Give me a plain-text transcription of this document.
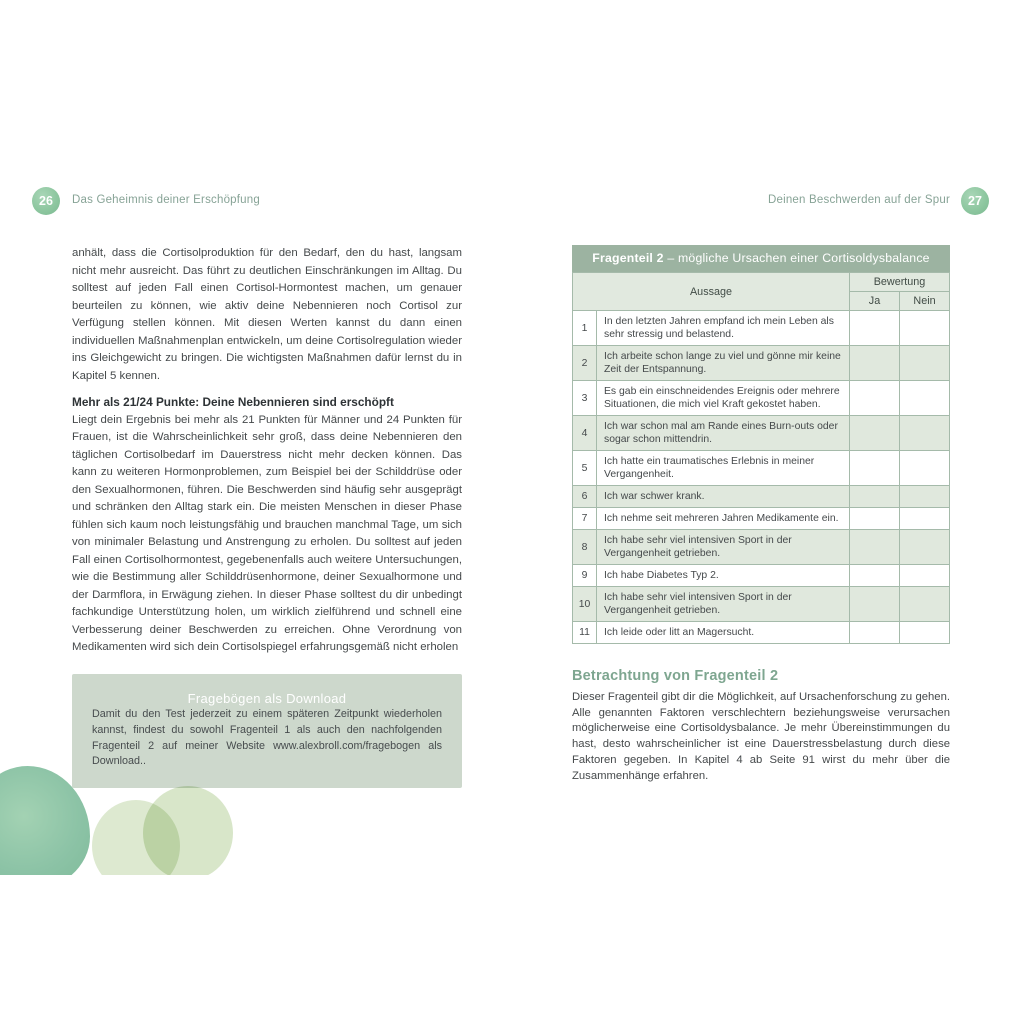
26	Das Geheimnis deiner Erschöpfung	27
Deinen Beschwerden auf der Spur

anhält, dass die Cortisolproduktion für den Bedarf, den du hast, langsam nicht mehr ausreicht. Das führt zu deutlichen Einschränkungen im Alltag. Du solltest auf jeden Fall einen Cortisol-Hormontest machen, um genauer beurteilen zu können, wie aktiv deine Nebennieren noch Cortisol zur Verfügung stellen können. Mit diesen Werten kannst du dann einen individuellen Maßnahmenplan entwickeln, um deine Cortisolregulation wieder ins Gleichgewicht zu bringen. Die wichtigsten Maßnahmen dafür lernst du in Kapitel 5 kennen.

Mehr als 21/24 Punkte: Deine Nebennieren sind erschöpft

Liegt dein Ergebnis bei mehr als 21 Punkten für Männer und 24 Punkten für Frauen, ist die Wahrscheinlichkeit sehr groß, dass deine Nebennieren den täglichen Cortisolbedarf im Dauerstress nicht mehr decken können. Das kann zu weiteren Hormonproblemen, zum Beispiel bei der Schilddrüse oder den Sexualhormonen, führen. Die Beschwerden sind häufig sehr ausgeprägt und schränken den Alltag stark ein. Die meisten Menschen in dieser Phase fühlen sich kaum noch leistungsfähig und brauchen manchmal Tage, um sich von minimaler Belastung und Anstrengung zu erholen. Du solltest auf jeden Fall einen Cortisolhormontest, gegebenenfalls auch weitere Untersuchungen, wie die Bestimmung aller Schilddrüsenhormone, deiner Sexualhormone und der Darmflora, in Erwägung ziehen. In dieser Phase solltest du dir unbedingt fachkundige Unterstützung holen, um wirklich zielführend und schnell eine Verbesserung deiner Beschwerden zu erreichen. Ohne Verordnung von Medikamenten wird sich dein Cortisolspiegel erfahrungsgemäß nicht erholen

Fragebögen als Download

Damit du den Test jederzeit zu einem späteren Zeitpunkt wiederholen kannst, findest du sowohl Fragenteil 1 als auch den nachfolgenden Fragenteil 2 auf meiner Website www.alexbroll.com/fragebogen als Download..

Fragenteil 2 – mögliche Ursachen einer Cortisoldysbalance
Aussage		Bewertung	
		Ja	Nein
1	In den letzten Jahren empfand ich mein Leben als sehr stressig und belastend.		
2	Ich arbeite schon lange zu viel und gönne mir keine Zeit der Entspannung.		
3	Es gab ein einschneidendes Ereignis oder mehrere Situationen, die mich viel Kraft gekostet haben.		
4	Ich war schon mal am Rande eines Burn-outs oder sogar schon mittendrin.		
5	Ich hatte ein traumatisches Erlebnis in meiner Vergangenheit.		
6	Ich war schwer krank.		
7	Ich nehme seit mehreren Jahren Medikamente ein.		
8	Ich habe sehr viel intensiven Sport in der Vergangenheit getrieben.		
9	Ich habe Diabetes Typ 2.		
10	Ich habe sehr viel intensiven Sport in der Vergangenheit getrieben.		
11	Ich leide oder litt an Magersucht.		
Betrachtung von Fragenteil 2

Dieser Fragenteil gibt dir die Möglichkeit, auf Ursachenforschung zu gehen. Alle genannten Faktoren verschlechtern beziehungsweise verursachen möglicherweise eine Cortisoldysbalance. Je mehr Übereinstimmungen du hast, desto wahrscheinlicher ist eine Dauerstressbelastung durch diese Faktoren gegeben. In Kapitel 4 ab Seite 91 wirst du mehr über die Zusammenhänge erfahren.
